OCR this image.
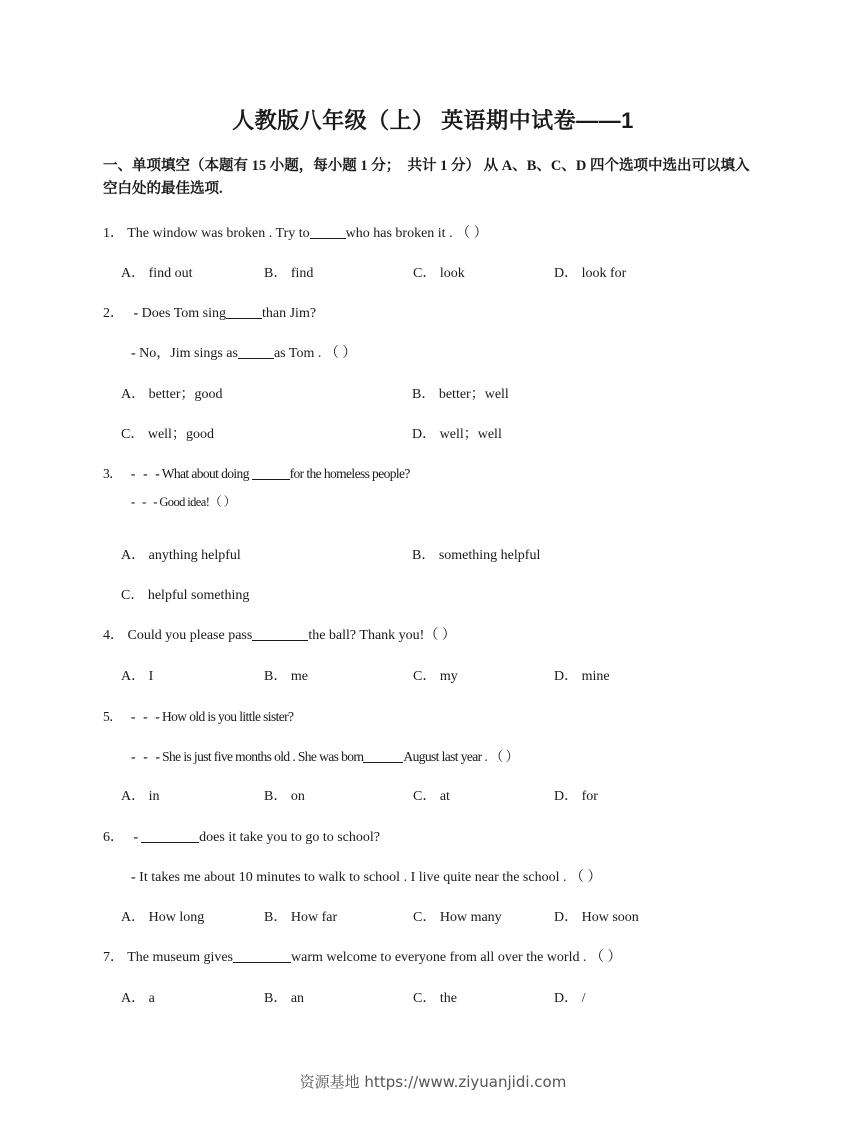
人教版八年级（上） 英语期中试卷——1
一、单项填空（本题有 15 小题，每小题 1 分；　共计 1 分） 从 A、B、C、D 四个选项中选出可以填入
空白处的最佳选项.
1． The window was broken . Try to	who has broken it . （ ）
A． find out	B． find	C． look	D． look for
2． - Does Tom sing	than Jim?
- No，Jim sings as	as Tom . （ ）
A． better；good	B． better；well
C． well；good	D． well；well
3． -   -   - What about doing	for the homeless people?
-   -   - Good idea!（ ）
A． anything helpful	B． something helpful
C． helpful something
4． Could you please pass	the ball? Thank you!（ ）
A． I	B． me	C． my	D． mine
5． -   -   - How old is you little sister?
-   -   - She is just five months old . She was born	August last year . （ ）
A． in	B． on	C． at	D． for
6． -	does it take you to go to school?
- It takes me about 10 minutes to walk to school . I live quite near the school . （ ）
A． How long	B． How far	C． How many	D． How soon
7． The museum gives	warm welcome to everyone from all over the world . （ ）
A． a	B． an	C． the	D． /
资源基地 https://www.ziyuanjidi.com
